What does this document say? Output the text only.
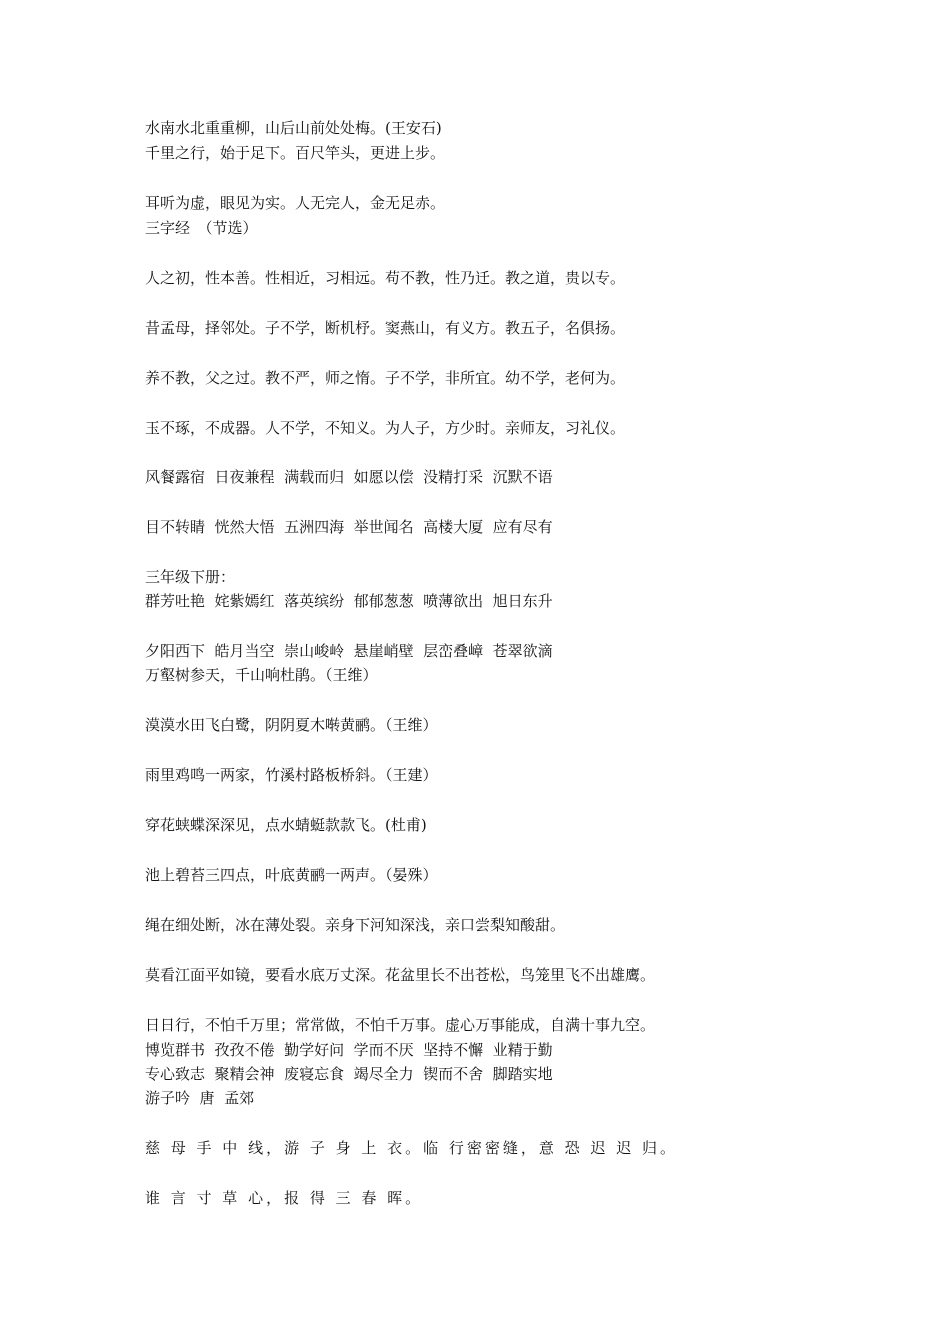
水南水北重重柳，山后山前处处梅。(王安石)
千里之行，始于足下。百尺竿头，更进上步。
耳听为虚，眼见为实。人无完人，金无足赤。
三字经　（节选）
人之初，性本善。性相近，习相远。苟不教，性乃迁。教之道，贵以专。
昔孟母，择邻处。子不学，断机杼。窦燕山，有义方。教五子，名俱扬。
养不教，父之过。教不严，师之惰。子不学，非所宜。幼不学，老何为。
玉不琢，不成器。人不学，不知义。为人子，方少时。亲师友，习礼仪。
风餐露宿  日夜兼程  满载而归  如愿以偿  没精打采  沉默不语
目不转睛  恍然大悟  五洲四海  举世闻名  高楼大厦  应有尽有
三年级下册：
群芳吐艳  姹紫嫣红  落英缤纷  郁郁葱葱  喷薄欲出  旭日东升
夕阳西下  皓月当空  崇山峻岭  悬崖峭壁  层峦叠嶂  苍翠欲滴
万壑树参天，千山响杜鹃。（王维）
漠漠水田飞白鹭，阴阴夏木啭黄鹂。（王维）
雨里鸡鸣一两家，竹溪村路板桥斜。（王建）
穿花蛱蝶深深见，点水蜻蜓款款飞。(杜甫)
池上碧苔三四点，叶底黄鹂一两声。（晏殊）
绳在细处断，冰在薄处裂。亲身下河知深浅，亲口尝梨知酸甜。
莫看江面平如镜，要看水底万丈深。花盆里长不出苍松，鸟笼里飞不出雄鹰。
日日行，不怕千万里；常常做，不怕千万事。虚心万事能成，自满十事九空。
博览群书  孜孜不倦  勤学好问  学而不厌  坚持不懈  业精于勤
专心致志  聚精会神  废寝忘食  竭尽全力  锲而不舍  脚踏实地
游子吟  唐  孟郊
慈 母 手 中 线，游 子 身 上 衣。临 行密密缝，意 恐 迟 迟 归。
谁 言 寸 草 心，报 得 三 春 晖。
